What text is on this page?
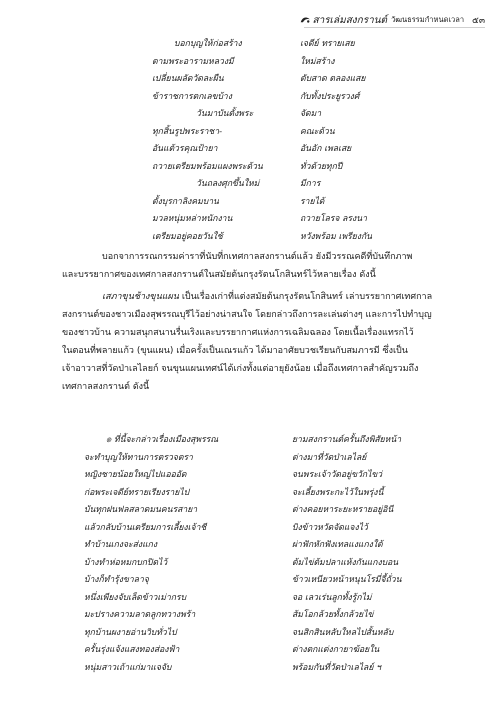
สารเล่มสงกรานต์ วัฒนธรรมกำหนดเวลา ๕๓
บอกบุญให้ก่อสร้าง	เจดีย์ ทรายเสย
ตามพระอารามหลวงมี	ใหม่สร้าง
เปลี่ยนผลัดวัดละผืน	ตับสาด ตลองแสย
ข้าราชการตกเลขบ้าง	กับทั้งประยูรวงศ์
วันมาบันตั้งพระ	จัดมา
ทุกสิ้นรูปพระราชา-	คณะด้วน
อันแต้วรคุณป้ายา	อันอัก เพลเสย
ถวายเตรียมพร้อมแผงพระด้วน	ทั่วด้วยทุกปี
วันถลงศุกขึ้นใหม่	มีการ
ตั้งบุรกาลิงคมบาน	รายได้
มวลหนุ่มหล่าหนักงาน	ถวายโลรจ ลรงนา
เตรียมอยู่คอยวันใช้	หวังพร้อม เพรียงกัน
บอกจาการรณกรรมค่าราที่นับที่กเทศกาลสงกรานต์แล้ว ยังมีวรรณคดีที่บันทึกภาพ
และบรรยากาศของเทศกาลสงกรานต์ในสมัยต้นกรุงรัตนโกสินทร์ไว้หลายเรื่อง ดังนี้
เสภาขุนช้างขุนแผน เป็นเรื่องเก่าที่แต่งสมัยต้นกรุงรัตนโกสินทร์ เล่าบรรยากาศเทศกาล
สงกรานต์ของชาวเมืองสุพรรณบุรีไว้อย่างน่าสนใจ โดยกล่าวถึงการละเล่นต่างๆ และการไปทำบุญ
ของชาวบ้าน ความสนุกสนานรื่นเริงและบรรยากาศแห่งการเฉลิมฉลอง โดยเนื้อเรื่องแทรกไว้
ในตอนที่พลายแก้ว (ขุนแผน) เมื่อครั้งเป็นเณรแก้ว ได้มาอาศัยบวชเรียนกับสมภารมี ซึ่งเป็น
เจ้าอาวาสที่วัดป่าเลไลยก์ จนขุนแผนเทศน์ได้เก่งทั้งแต่อายุยังน้อย เมื่อถึงเทศกาลสำคัญรวมถึง
เทศกาลสงกรานต์ ดังนี้
๏ ที่นี้จะกล่าวเรื่องเมืองสุพรรณ	ยามสงกรานต์ครั้นถึงพิสัยหน้า
จะทำบุญให้ทานการตรวจตรา	ต่างมาที่วัดป่าเลไลย์
หญิงชายน้อยใหญ่ไปแอออัด	จนพระเจ้าวัดอยู่ขวักไขว่
ก่อพระเจดีย์ทรายเรียงรายไป	จะเลี้ยงพระกะไว้ในพรุ่งนี้
บันทุกฝนฟลสลาดมนคนรสายา	ต่างคอยหาระยะหรายอยู่อินี
แล้วกลับบ้านเตรียมการเลี้ยงเจ้าชี	บิงข้าวหวัดจัดแจงไว้
ทำบ้านเกงจะส่งแกง	ผ่าฟักหักฟังเทลแงแกงใต้
บ้างทำห่อหมกบกปิดไว้	ต้มไข่ต้มปลาแห้งกันแกงบอน
บ้างก็ทำรุ้งขาลาจุ	ข้าวเหนียวหน้าหนุนโรมี่จี้ถั่วน
หนึ่งเพียงจับเล็ดข้าวเม่ากรบ	จอ เลวเร่นลูกทั้งรู้กไม่
มะปรางความลาดลูกทวางพร้า	ส้มโอกล้วยทั้งกล้วยไข่
ทุกบ้านผงายอ่านวิบทั่วไป	จนสิกสินหลับใหลไปสั้นหลับ
ครั้นรุ่งแจ้งแสงทองส่องฟ้า	ต่างตกแต่งกายาฆ้อยใน
หนุ่มสาวเถ้าแก่มาแจจับ	พร้อมกันที่วัดป่าเลไลย์ ฯ
